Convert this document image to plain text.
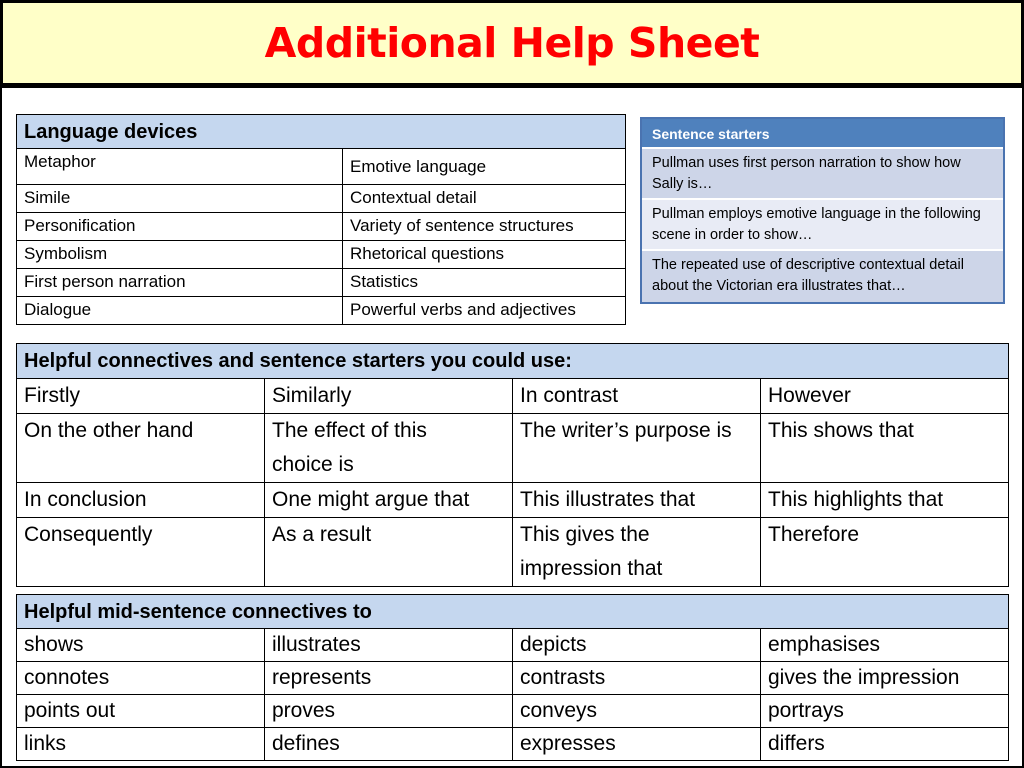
Additional Help Sheet
Language devices	
Metaphor	Emotive language
Simile	Contextual detail
Personification	Variety of sentence structures
Symbolism	Rhetorical questions
First person narration	Statistics
Dialogue	Powerful verbs and adjectives
Sentence starters
Pullman uses first person narration to show how Sally is…
Pullman employs emotive language in the following scene in order to show…
The repeated use of descriptive contextual detail about the Victorian era illustrates that…
Helpful connectives and sentence starters you could use:			
Firstly	Similarly	In contrast	However
On the other hand	The effect of this choice is	The writer’s purpose is	This shows that
In conclusion	One might argue that	This illustrates that	This highlights that
Consequently	As a result	This gives the impression that	Therefore
Helpful mid-sentence connectives to			
shows	illustrates	depicts	emphasises
connotes	represents	contrasts	gives the impression
points out	proves	conveys	portrays
links	defines	expresses	differs
